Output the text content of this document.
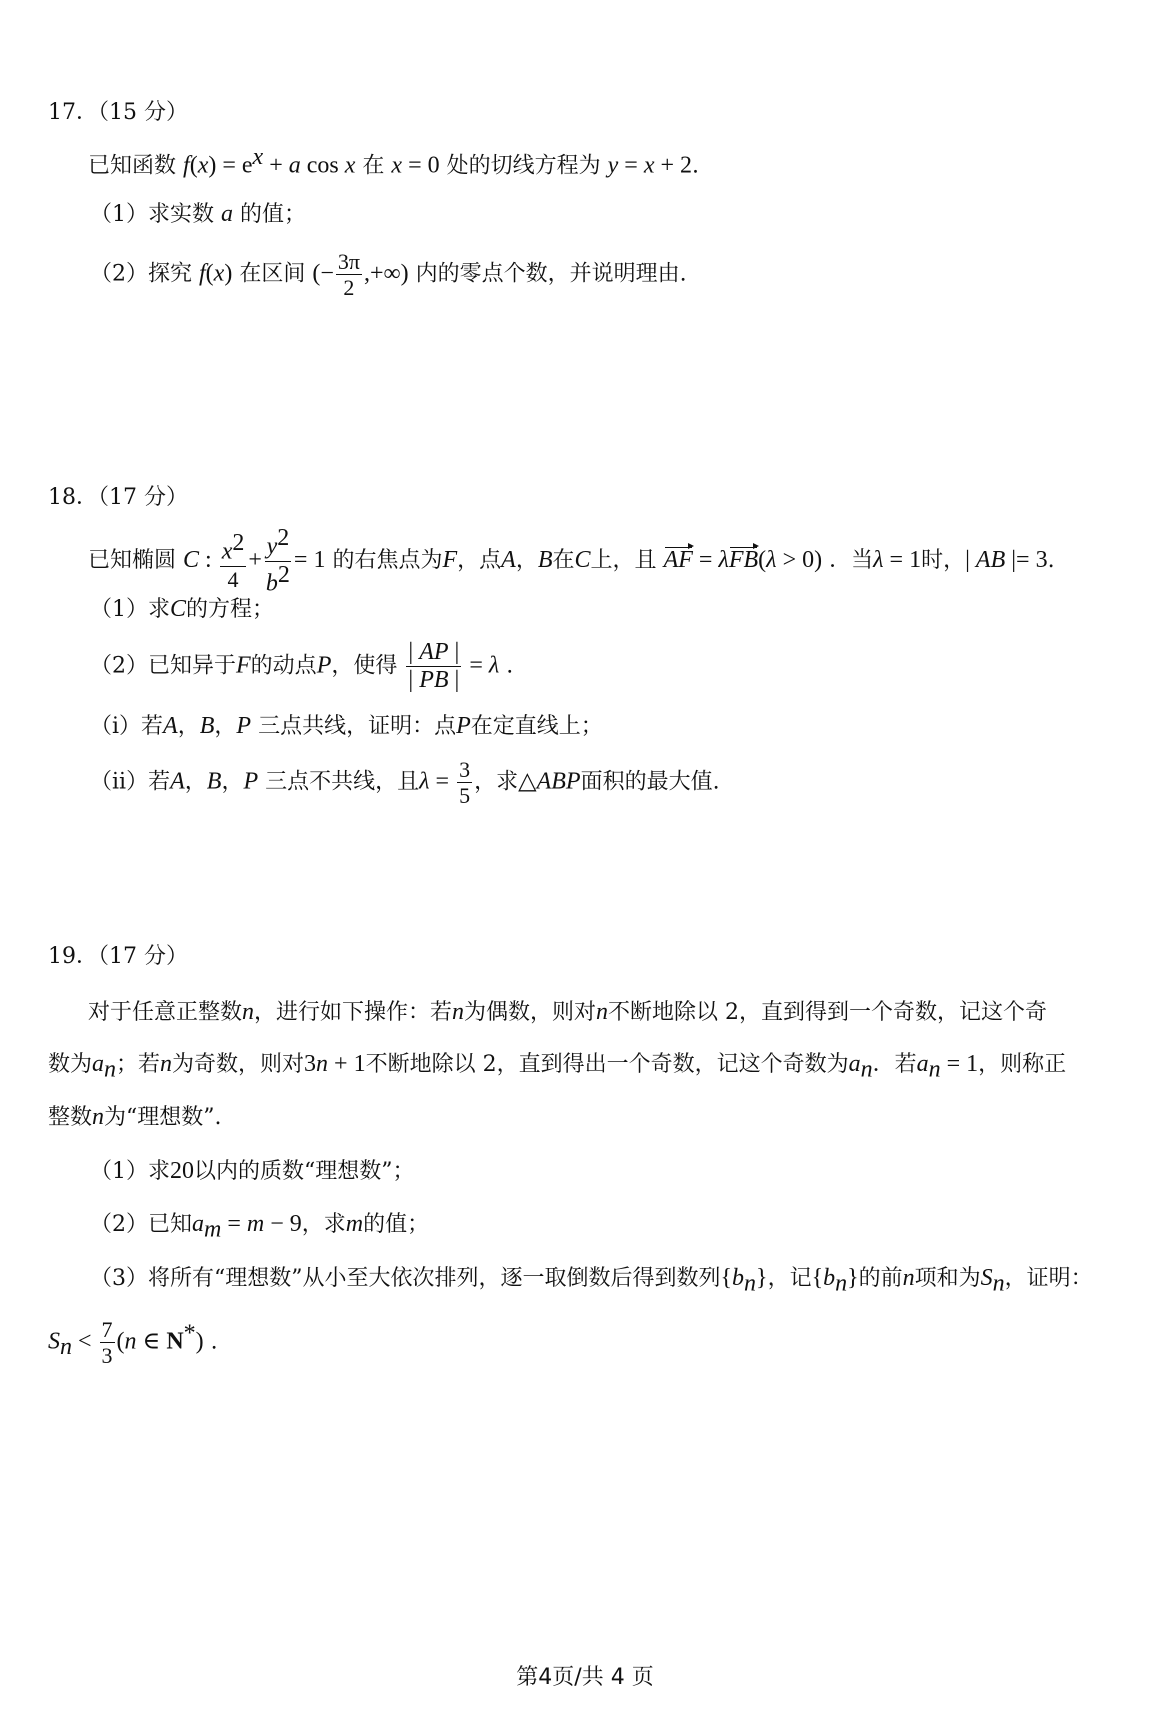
17．（15 分）
已知函数 $f(x) = e^x + a$ cos x 在 x = 0 处的切线方程为 y = x + 2.
（1）求实数 a 的值；
（2）探究 f(x) 在区间 (− $\frac{3\pi}{2}$ ,+∞) 内的零点个数，并说明理由.
18．（17 分）
已知椭圆 C : $\frac{x^2}{4} + \frac{y^2}{b^2} = 1$ 的右焦点为F，点A，B在C上，且 AF = λFB(λ > 0) ．当λ = 1时，| AB |= 3.
（1）求C的方程；
（2）已知异于F的动点P，使得 $\frac{| AP |}{| PB |} = \lambda$ .
（i）若A，B，P 三点共线，证明：点P在定直线上；
（ii）若A，B，P 三点不共线，且$\lambda = \frac{3}{5}$ ，求△ABP面积的最大值.
19．（17 分）
对于任意正整数n，进行如下操作：若n为偶数，则对n不断地除以 2，直到得到一个奇数，记这个奇
数为$a_n$；若n为奇数，则对3n + 1不断地除以 2，直到得出一个奇数，记这个奇数为$a_n$．若$a_n = 1$，则称正
整数n为“理想数”.
（1）求20以内的质数“理想数”；
（2）已知$a_m = m - 9$，求m的值；
（3）将所有“理想数”从小至大依次排列，逐一取倒数后得到数列$\{b_n\}$，记$\{b_n\}$的前n项和为$S_n$，证明：
$S_n < \frac{7}{3} (n$ ∈ N*) .
第4页/共 4 页
